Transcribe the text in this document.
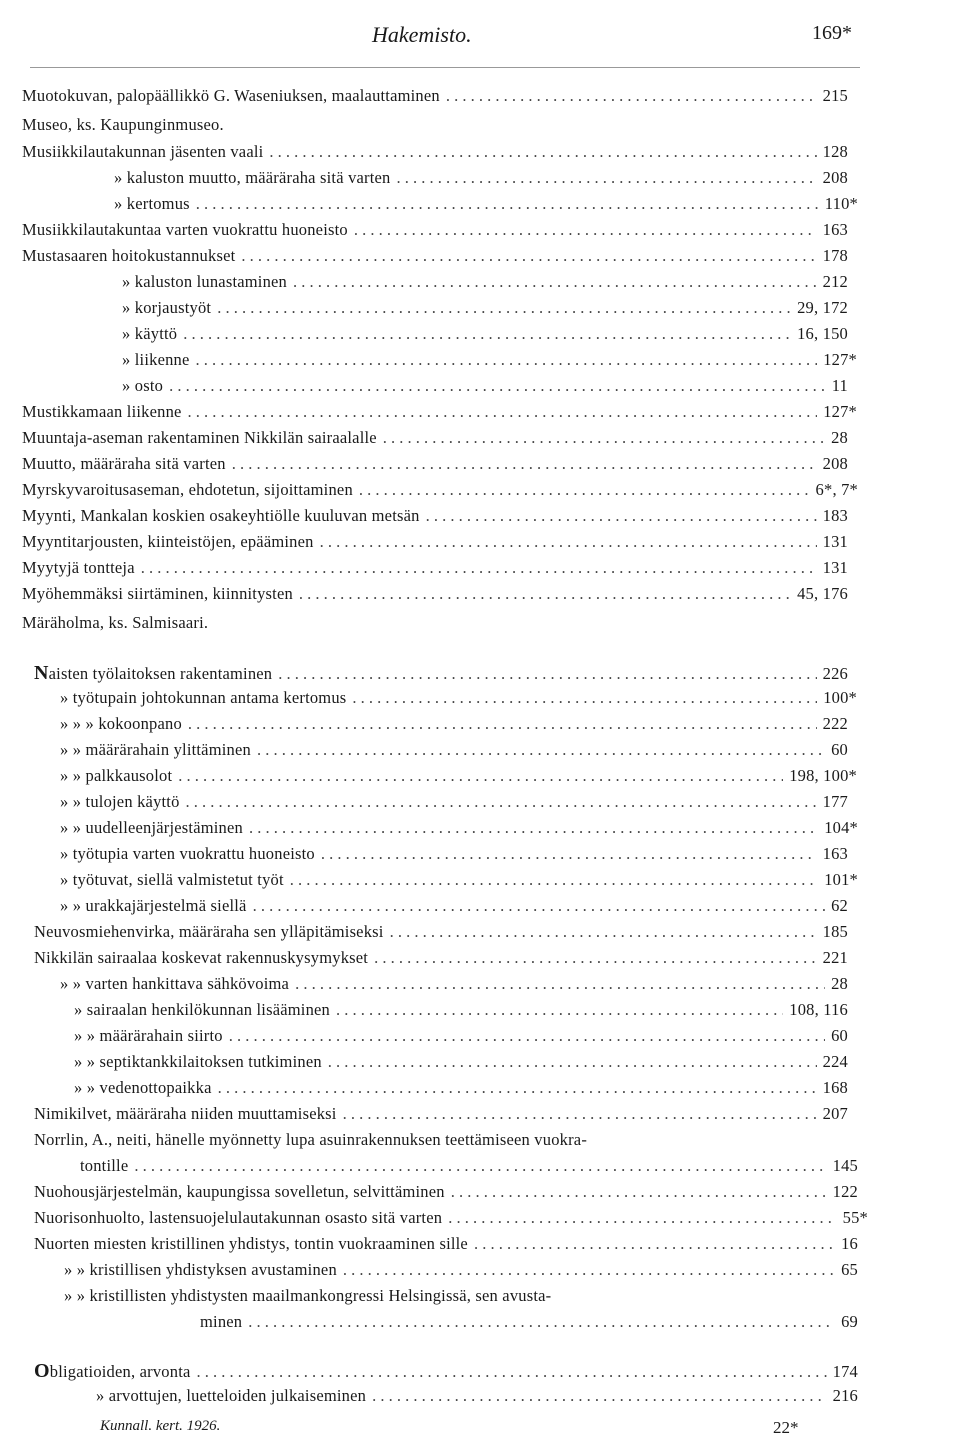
Hakemisto.	169*
Muotokuvan, palopäällikkö G. Waseniuksen, maalauttaminen . . .	215
Museo, ks. Kaupunginmuseo.
Musiikkilautakunnan jäsenten vaali . . .	128
» kaluston muutto, määräraha sitä varten . . .	208
» kertomus . . .	110*
Musiikkilautakuntaa varten vuokrattu huoneisto . . .	163
Mustasaaren hoitokustannukset . . .	178
» kaluston lunastaminen . . .	212
» korjaustyöt . . .	29, 172
» käyttö . . .	16, 150
» liikenne . . .	127*
» osto . . .	11
Mustikkamaan liikenne . . .	127*
Muuntaja-aseman rakentaminen Nikkilän sairaalalle . . .	28
Muutto, määräraha sitä varten . . .	208
Myrskyvaroitusaseman, ehdotetun, sijoittaminen . . .	6*, 7*
Myynti, Mankalan koskien osakeyhtiölle kuuluvan metsän . . .	183
Myyntitarjousten, kiinteistöjen, epääminen . . .	131
Myytyjä tontteja . . .	131
Myöhemmäksi siirtäminen, kiinnitysten . . .	45, 176
Märäholma, ks. Salmisaari.
Naisten työlaitoksen rakentaminen . . .	226
» työtupain johtokunnan antama kertomus . . .	100*
» » » kokoonpano . . .	222
» » määrärahain ylittäminen . . .	60
» » palkkausolot . . .	198, 100*
» » tulojen käyttö . . .	177
» » uudelleenjärjestäminen . . .	104*
» työtupia varten vuokrattu huoneisto . . .	163
» työtuvat, siellä valmistetut työt . . .	101*
» » urakkajärjestelmä siellä . . .	62
Neuvosmiehenvirka, määräraha sen ylläpitämiseksi . . .	185
Nikkilän sairaalaa koskevat rakennuskysymykset . . .	221
» » varten hankittava sähkövoima . . .	28
» sairaalan henkilökunnan lisääminen . . .	108, 116
» » määrärahain siirto . . .	60
» » septiktankkilaitoksen tutkiminen . . .	224
» » vedenottopaikka . . .	168
Nimikilvet, määräraha niiden muuttamiseksi . . .	207
Norrlin, A., neiti, hänelle myönnetty lupa asuinrakennuksen teettämiseen vuokra-
tontille . . .	145
Nuohousjärjestelmän, kaupungissa sovelletun, selvittäminen . . .	122
Nuorisonhuolto, lastensuojelulautakunnan osasto sitä varten . . .	55*
Nuorten miesten kristillinen yhdistys, tontin vuokraaminen sille . . .	16
» » kristillisen yhdistyksen avustaminen . . .	65
» » kristillisten yhdistysten maailmankongressi Helsingissä, sen avusta-
minen . . .	69
Obligatioiden, arvonta . . .	174
» arvottujen, luetteloiden julkaiseminen . . .	216
Kunnall. kert. 1926.	22*
